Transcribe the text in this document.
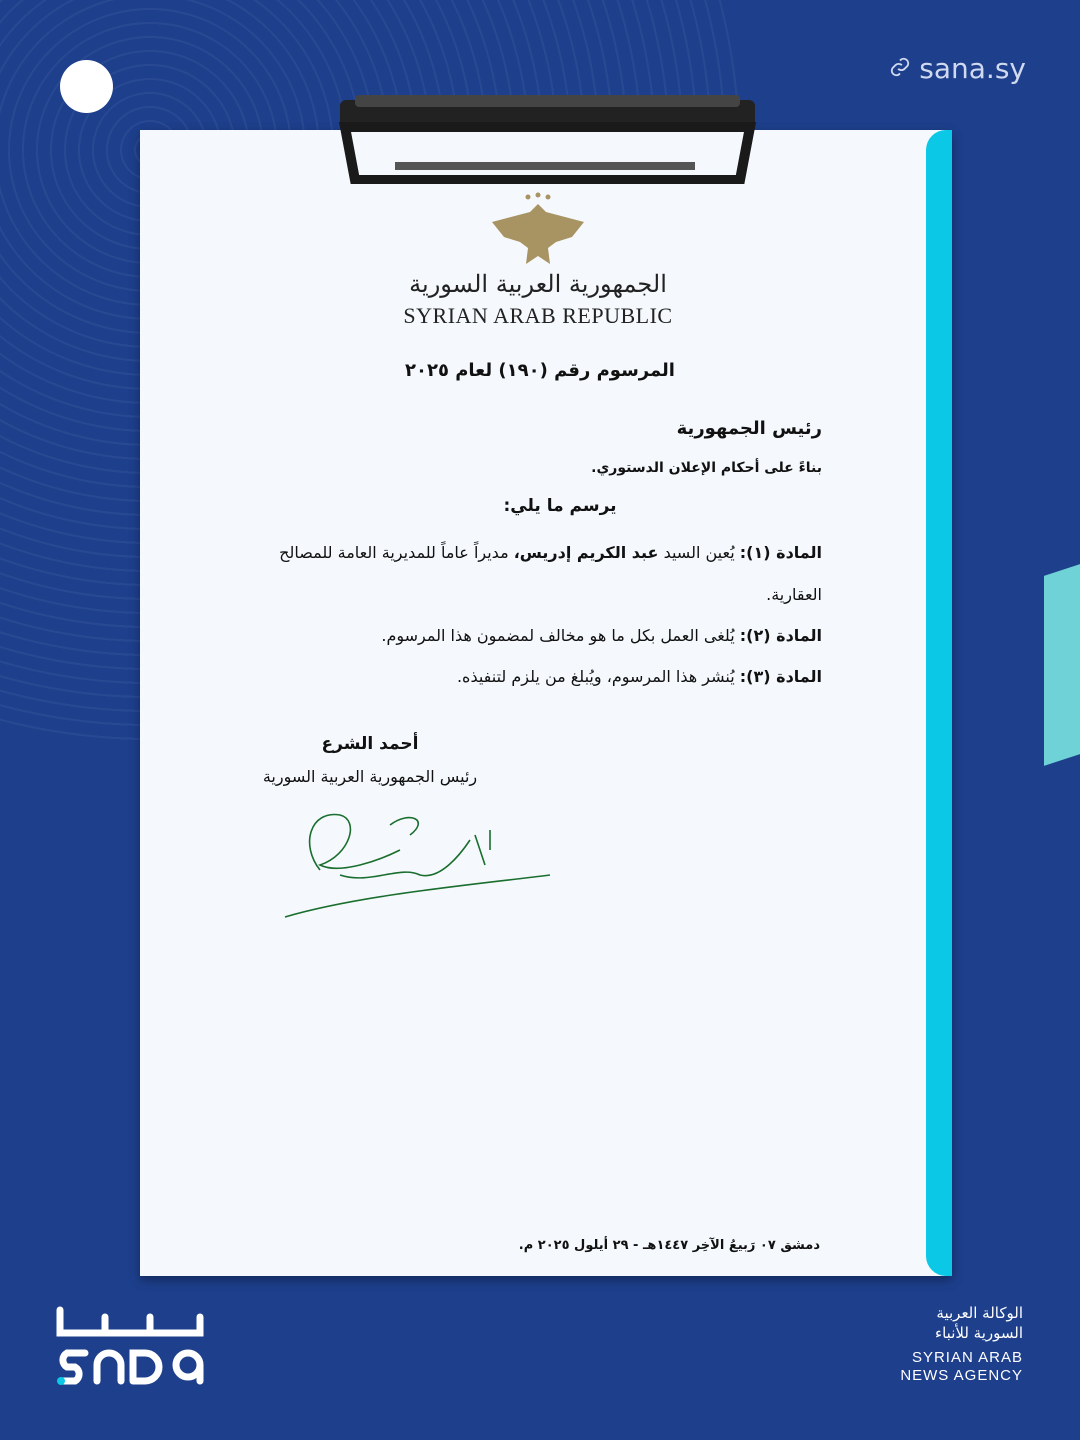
sana.sy
الجمهورية العربية السورية
SYRIAN ARAB REPUBLIC
المرسوم رقم (١٩٠) لعام ٢٠٢٥
رئيس الجمهورية
بناءً على أحكام الإعلان الدستوري.
يرسم ما يلي:
المادة (١): يُعين السيد عبد الكريم إدريس، مديراً عاماً للمديرية العامة للمصالح
العقارية.
المادة (٢): يُلغى العمل بكل ما هو مخالف لمضمون هذا المرسوم.
المادة (٣): يُنشر هذا المرسوم، ويُبلغ من يلزم لتنفيذه.
أحمد الشرع
رئيس الجمهورية العربية السورية
دمشق ٠٧ رَبيعُ الآخِر ١٤٤٧هـ - ٢٩ أيلول ٢٠٢٥ م.
الوكالة العربية
السورية للأنباء
SYRIAN ARAB
NEWS AGENCY
